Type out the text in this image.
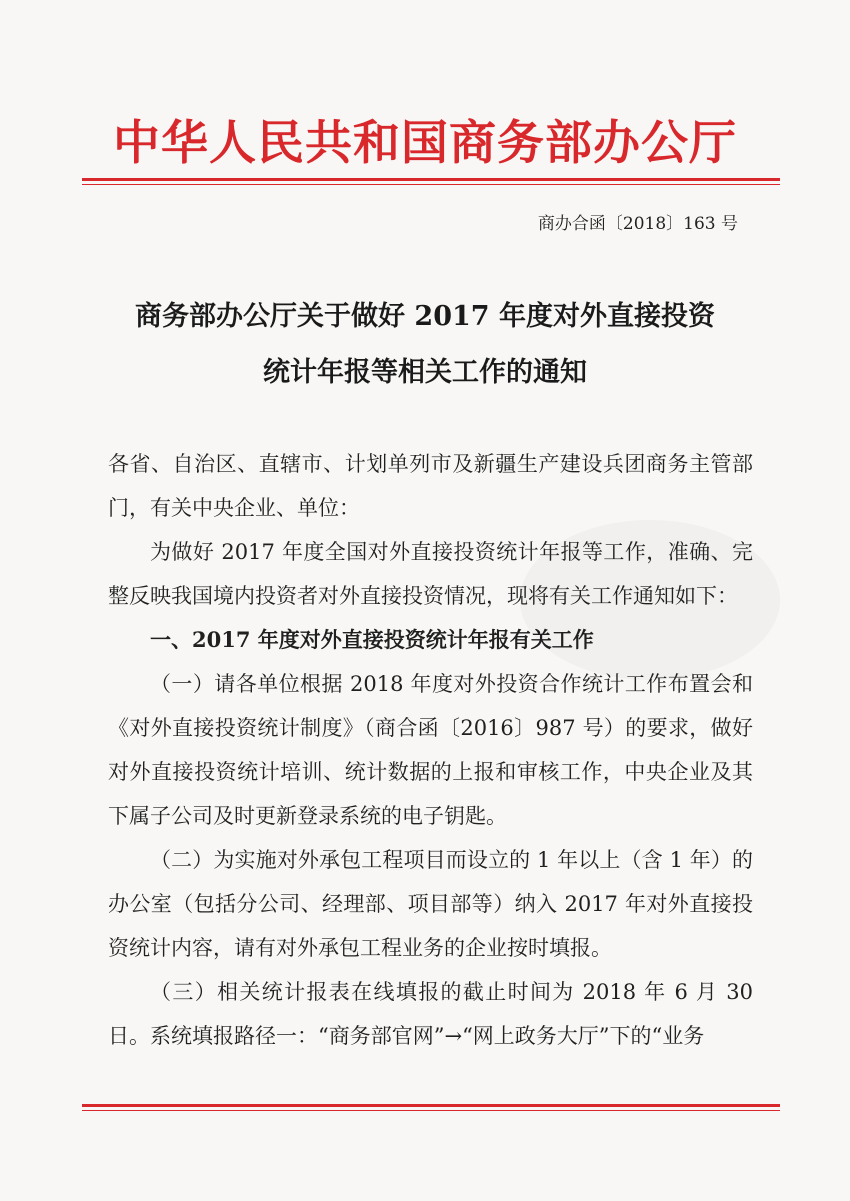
中华人民共和国商务部办公厅
商办合函〔2018〕163 号
商务部办公厅关于做好 2017 年度对外直接投资
统计年报等相关工作的通知

各省、自治区、直辖市、计划单列市及新疆生产建设兵团商务主管部门，有关中央企业、单位：

为做好 2017 年度全国对外直接投资统计年报等工作，准确、完整反映我国境内投资者对外直接投资情况，现将有关工作通知如下：

一、2017 年度对外直接投资统计年报有关工作

（一）请各单位根据 2018 年度对外投资合作统计工作布置会和《对外直接投资统计制度》（商合函〔2016〕987 号）的要求，做好对外直接投资统计培训、统计数据的上报和审核工作，中央企业及其下属子公司及时更新登录系统的电子钥匙。

（二）为实施对外承包工程项目而设立的 1 年以上（含 1 年）的办公室（包括分公司、经理部、项目部等）纳入 2017 年对外直接投资统计内容，请有对外承包工程业务的企业按时填报。

（三）相关统计报表在线填报的截止时间为 2018 年 6 月 30 日。系统填报路径一：“商务部官网”→“网上政务大厅”下的“业务
